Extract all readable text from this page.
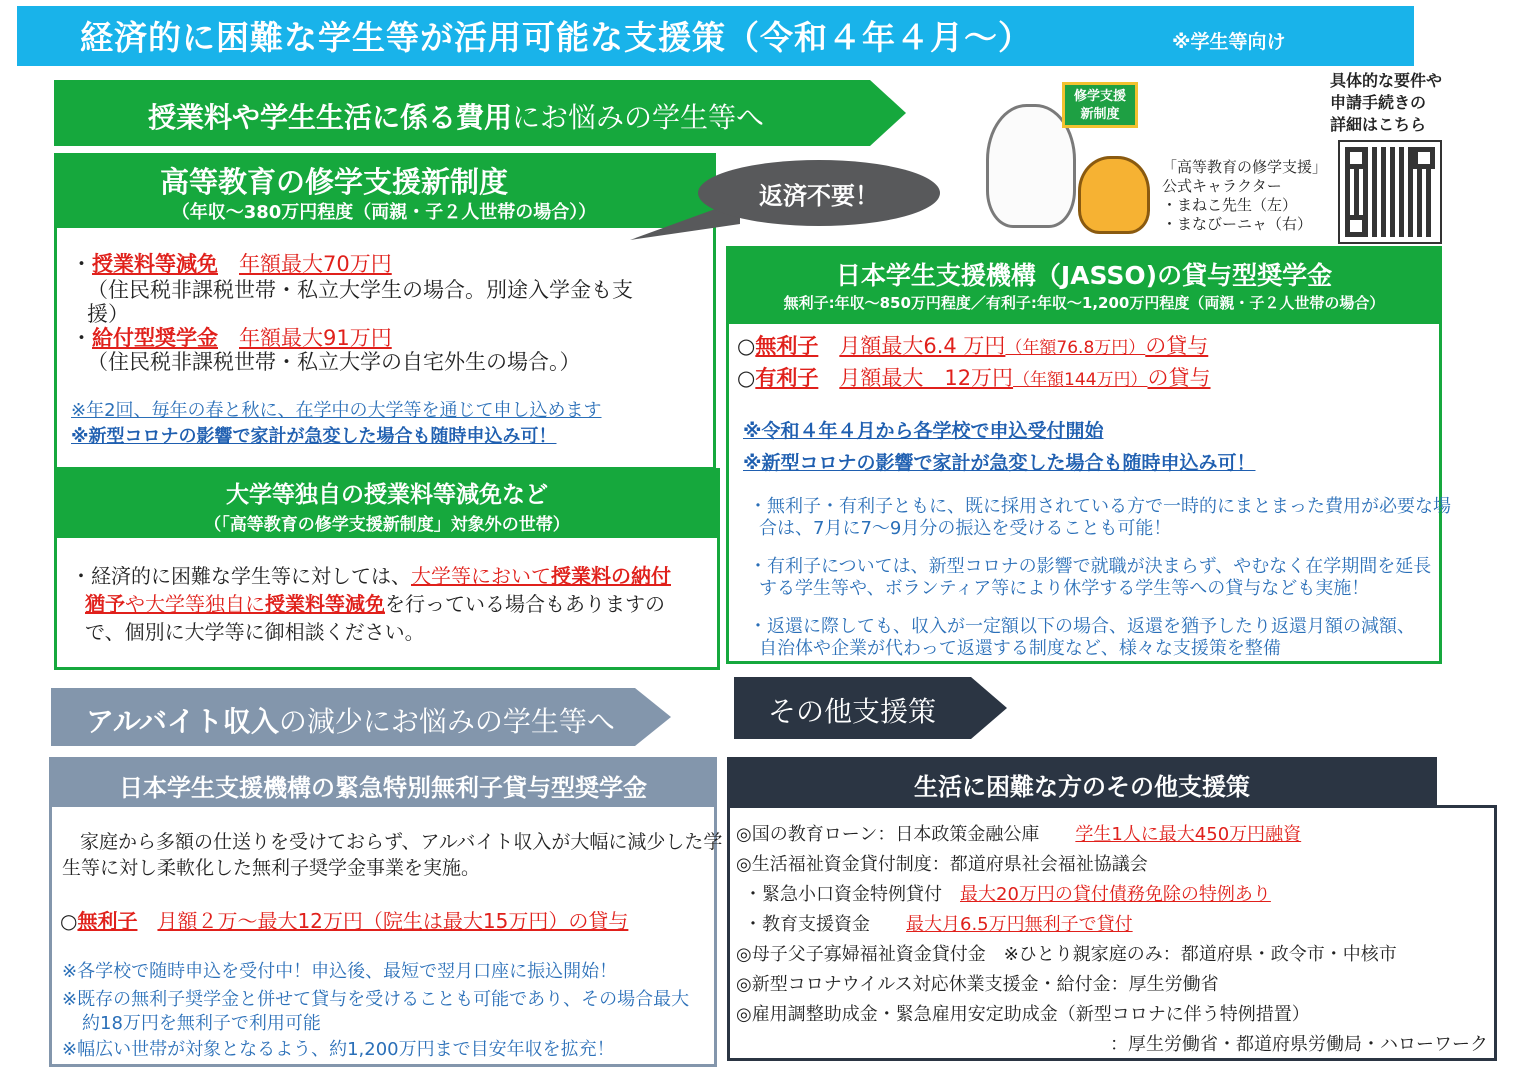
経済的に困難な学生等が活用可能な支援策（令和４年４月～）	※学生等向け
授業料や学生生活に係る費用にお悩みの学生等へ
高等教育の修学支援新制度
（年収～380万円程度（両親・子２人世帯の場合））
・授業料等減免　 年額最大70万円
（住民税非課税世帯・私立大学生の場合。別途入学金も支
援）
・給付型奨学金　 年額最大91万円
（住民税非課税世帯・私立大学の自宅外生の場合。）
※年2回、毎年の春と秋に、在学中の大学等を通じて申し込めます
※新型コロナの影響で家計が急変した場合も随時申込み可！
返済不要！
大学等独自の授業料等減免など
（「高等教育の修学支援新制度」対象外の世帯）
・経済的に困難な学生等に対しては、大学等において授業料の納付
猶予や大学等独自に授業料等減免を行っている場合もありますの
で、個別に大学等に御相談ください。
修学支援
新制度
「高等教育の修学支援」
公式キャラクター
・まねこ先生（左）
・まなびーニャ（右）
具体的な要件や
申請手続きの
詳細はこちら
日本学生支援機構（JASSO)の貸与型奨学金
無利子:年収～850万円程度／有利子:年収～1,200万円程度（両親・子２人世帯の場合）
○無利子　 月額最大6.4 万円（年額76.8万円）の貸与
○有利子　 月額最大　12万円（年額144万円）の貸与
※令和４年４月から各学校で申込受付開始
※新型コロナの影響で家計が急変した場合も随時申込み可！
・無利子・有利子ともに、既に採用されている方で一時的にまとまった費用が必要な場
合は、7月に7～9月分の振込を受けることも可能！
・有利子については、新型コロナの影響で就職が決まらず、やむなく在学期間を延長
する学生等や、ボランティア等により休学する学生等への貸与なども実施！
・返還に際しても、収入が一定額以下の場合、返還を猶予したり返還月額の減額、
自治体や企業が代わって返還する制度など、様々な支援策を整備
アルバイト収入の減少にお悩みの学生等へ	その他支援策
日本学生支援機構の緊急特別無利子貸与型奨学金
家庭から多額の仕送りを受けておらず、アルバイト収入が大幅に減少した学
生等に対し柔軟化した無利子奨学金事業を実施。
○無利子　 月額２万～最大12万円（院生は最大15万円）の貸与
※各学校で随時申込を受付中！申込後、最短で翌月口座に振込開始！
※既存の無利子奨学金と併せて貸与を受けることも可能であり、その場合最大
約18万円を無利子で利用可能
※幅広い世帯が対象となるよう、約1,200万円まで目安年収を拡充！
生活に困難な方のその他支援策
◎国の教育ローン：日本政策金融公庫　　 学生1人に最大450万円融資
◎生活福祉資金貸付制度：都道府県社会福祉協議会
・緊急小口資金特例貸付　 最大20万円の貸付債務免除の特例あり
・教育支援資金　　 最大月6.5万円無利子で貸付
◎母子父子寡婦福祉資金貸付金　※ひとり親家庭のみ：都道府県・政令市・中核市
◎新型コロナウイルス対応休業支援金・給付金：厚生労働省
◎雇用調整助成金・緊急雇用安定助成金（新型コロナに伴う特例措置）
：厚生労働省・都道府県労働局・ハローワーク
